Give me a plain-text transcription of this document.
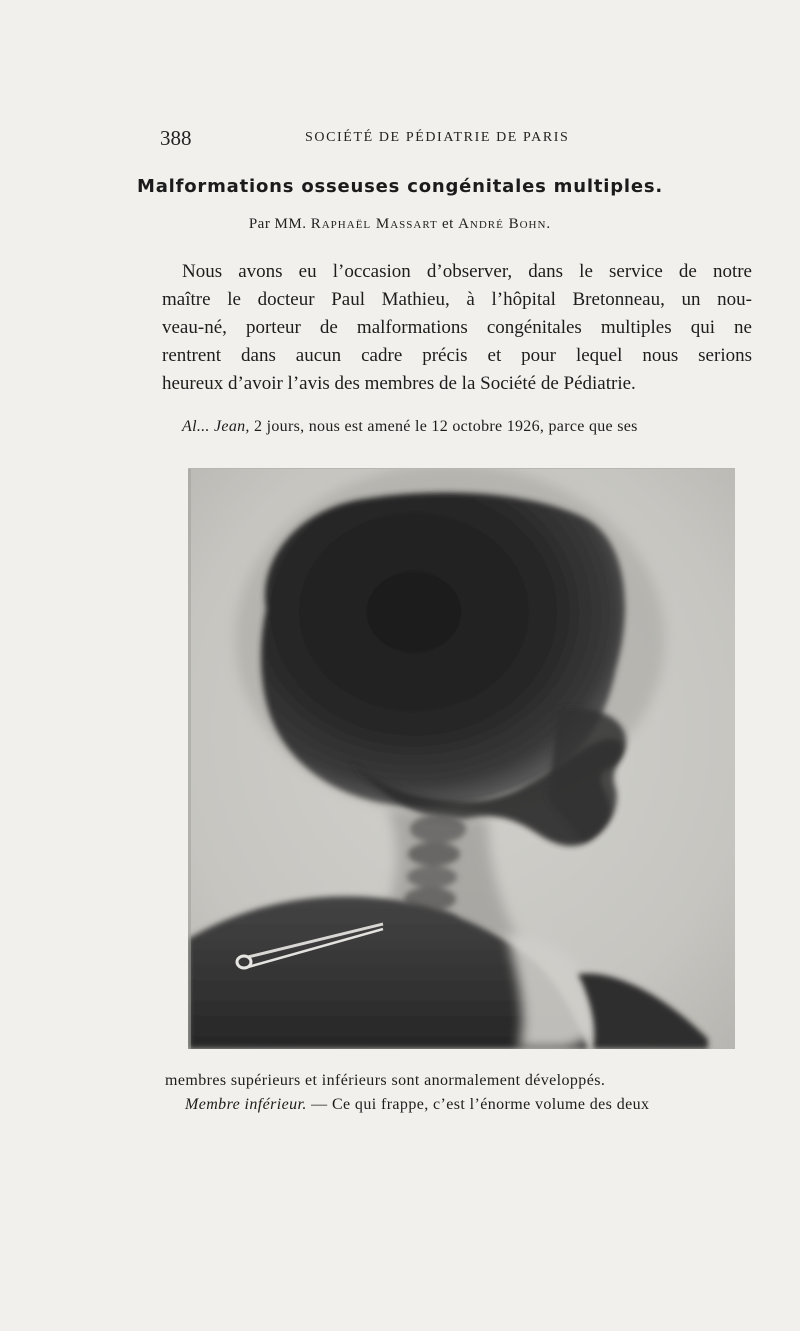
388	SOCIÉTÉ DE PÉDIATRIE DE PARIS
Malformations osseuses congénitales multiples.
Par MM. Raphaël Massart et André Bohn.
Nous avons eu l’occasion d’observer, dans le service de notre
maître le docteur Paul Mathieu, à l’hôpital Bretonneau, un nou-
veau-né, porteur de malformations congénitales multiples qui ne
rentrent dans aucun cadre précis et pour lequel nous serions
heureux d’avoir l’avis des membres de la Société de Pédiatrie.
Al... Jean, 2 jours, nous est amené le 12 octobre 1926, parce que ses
membres supérieurs et inférieurs sont anormalement développés.
Membre inférieur. — Ce qui frappe, c’est l’énorme volume des deux
